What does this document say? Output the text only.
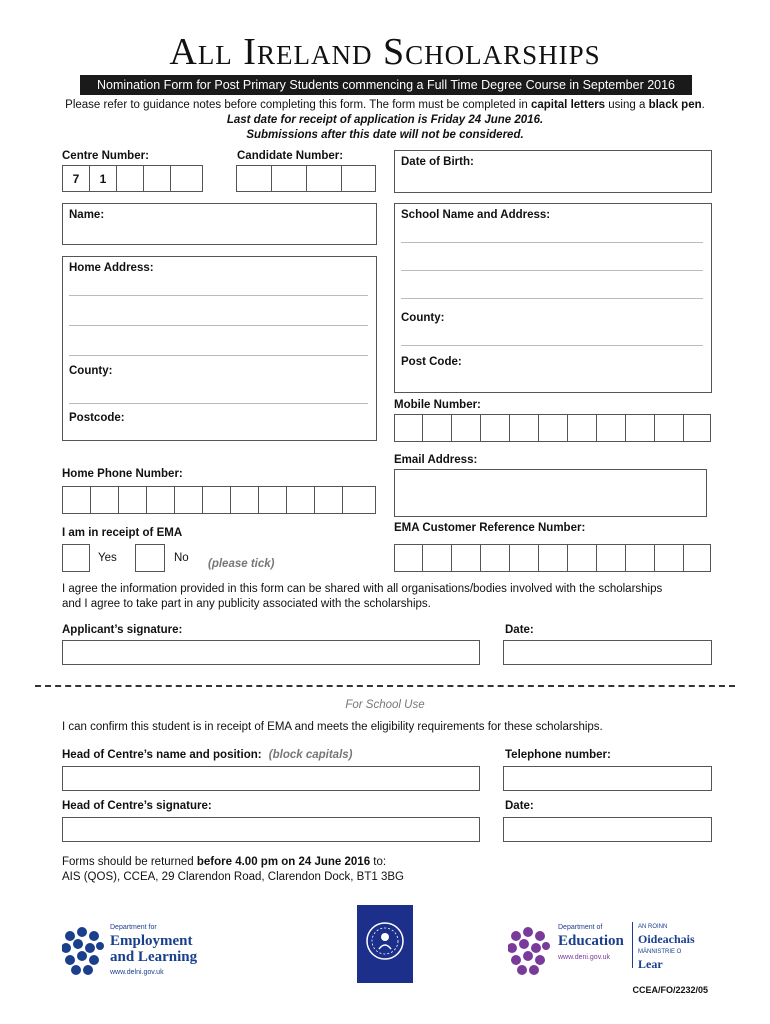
All Ireland Scholarships
Nomination Form for Post Primary Students commencing a Full Time Degree Course in September 2016
Please refer to guidance notes before completing this form. The form must be completed in capital letters using a black pen.
Last date for receipt of application is Friday 24 June 2016.
Submissions after this date will not be considered.
Centre Number:
7	1
Candidate Number:	Date of Birth:
Name:	School Name and Address:
County:
Post Code:
Home Address:
County:
Postcode:
Mobile Number:
Email Address:
Home Phone Number:
I am in receipt of EMA
Yes	No (please tick)
EMA Customer Reference Number:
I agree the information provided in this form can be shared with all organisations/bodies involved with the scholarships
and I agree to take part in any publicity associated with the scholarships.
Applicant’s signature:	Date:
For School Use
I can confirm this student is in receipt of EMA and meets the eligibility requirements for these scholarships.
Head of Centre’s name and position: (block capitals)	Telephone number:
Head of Centre’s signature:	Date:
Forms should be returned before 4.00 pm on 24 June 2016 to:
AIS (QOS), CCEA, 29 Clarendon Road, Clarendon Dock, BT1 3BG
Department for
Employment
and Learning
www.delni.gov.uk
Department of
Education
www.deni.gov.uk
AN ROINN
Oideachais
MÄNNISTRIE O
Lear
CCEA/FO/2232/05
